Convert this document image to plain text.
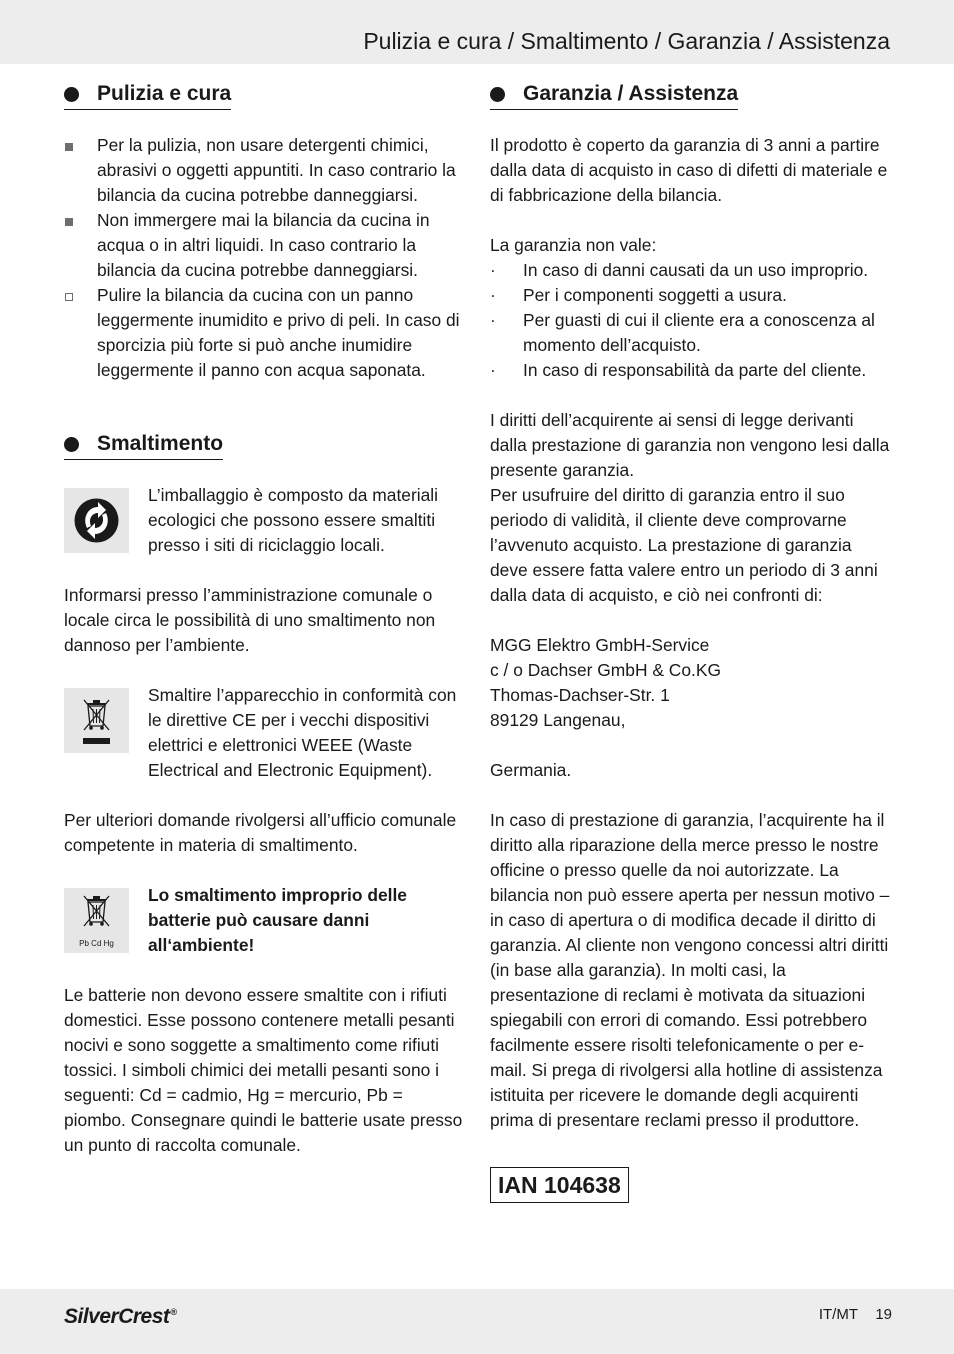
Pulizia e cura / Smaltimento / Garanzia / Assistenza
Pulizia e cura
Per la pulizia, non usare detergenti chimici, abrasivi o oggetti appuntiti. In caso contrario la bilancia da cucina potrebbe danneggiarsi.
Non immergere mai la bilancia da cucina in acqua o in altri liquidi. In caso contrario la bilancia da cucina potrebbe danneggiarsi.
Pulire la bilancia da cucina con un panno leggermente inumidito e privo di peli. In caso di sporcizia più forte si può anche inumidire leggermente il panno con acqua saponata.
Smaltimento
L’imballaggio è composto da materiali ecologici che possono essere smaltiti presso i siti di riciclaggio locali.
Informarsi presso l’amministrazione comunale o locale circa le possibilità di uno smaltimento non dannoso per l’ambiente.
Smaltire l’apparecchio in conformità con le direttive CE per i vecchi dispositivi elettrici e elettronici WEEE (Waste Electrical and Electronic Equipment).
Per ulteriori domande rivolgersi all’ufficio comunale competente in materia di smaltimento.
Pb Cd Hg
Lo smaltimento improprio delle batterie può causare danni all‘ambiente!
Le batterie non devono essere smaltite con i rifiuti domestici. Esse possono contenere metalli pesanti nocivi e sono soggette a smaltimento come rifiuti tossici. I simboli chimici dei metalli pesanti sono i seguenti: Cd = cadmio, Hg = mercurio, Pb = piombo. Consegnare quindi le batterie usate presso un punto di raccolta comunale.
Garanzia / Assistenza
Il prodotto è coperto da garanzia di 3 anni a partire dalla data di acquisto in caso di difetti di materiale e di fabbricazione della bilancia.
La garanzia non vale:
· In caso di danni causati da un uso improprio.
· Per i componenti soggetti a usura.
· Per guasti di cui il cliente era a conoscenza al momento dell’acquisto.
· In caso di responsabilità da parte del cliente.
I diritti dell’acquirente ai sensi di legge derivanti dalla prestazione di garanzia non vengono lesi dalla presente garanzia.
Per usufruire del diritto di garanzia entro il suo periodo di validità, il cliente deve comprovarne l’avvenuto acquisto. La prestazione di garanzia deve essere fatta valere entro un periodo di 3 anni dalla data di acquisto, e ciò nei confronti di:
MGG Elektro GmbH-Service
c / o Dachser GmbH & Co.KG
Thomas-Dachser-Str. 1
89129 Langenau,
Germania.
In caso di prestazione di garanzia, l’acquirente ha il diritto alla riparazione della merce presso le nostre officine o presso quelle da noi autorizzate. La bilancia non può essere aperta per nessun motivo – in caso di apertura o di modifica decade il diritto di garanzia. Al cliente non vengono concessi altri diritti (in base alla garanzia). In molti casi, la presentazione di reclami è motivata da situazioni spiegabili con errori di comando. Essi potrebbero facilmente essere risolti telefonicamente o per e-mail. Si prega di rivolgersi alla hotline di assistenza istituita per ricevere le domande degli acquirenti prima di presentare reclami presso il produttore.
IAN 104638
SilverCrest®	IT/MT 19
